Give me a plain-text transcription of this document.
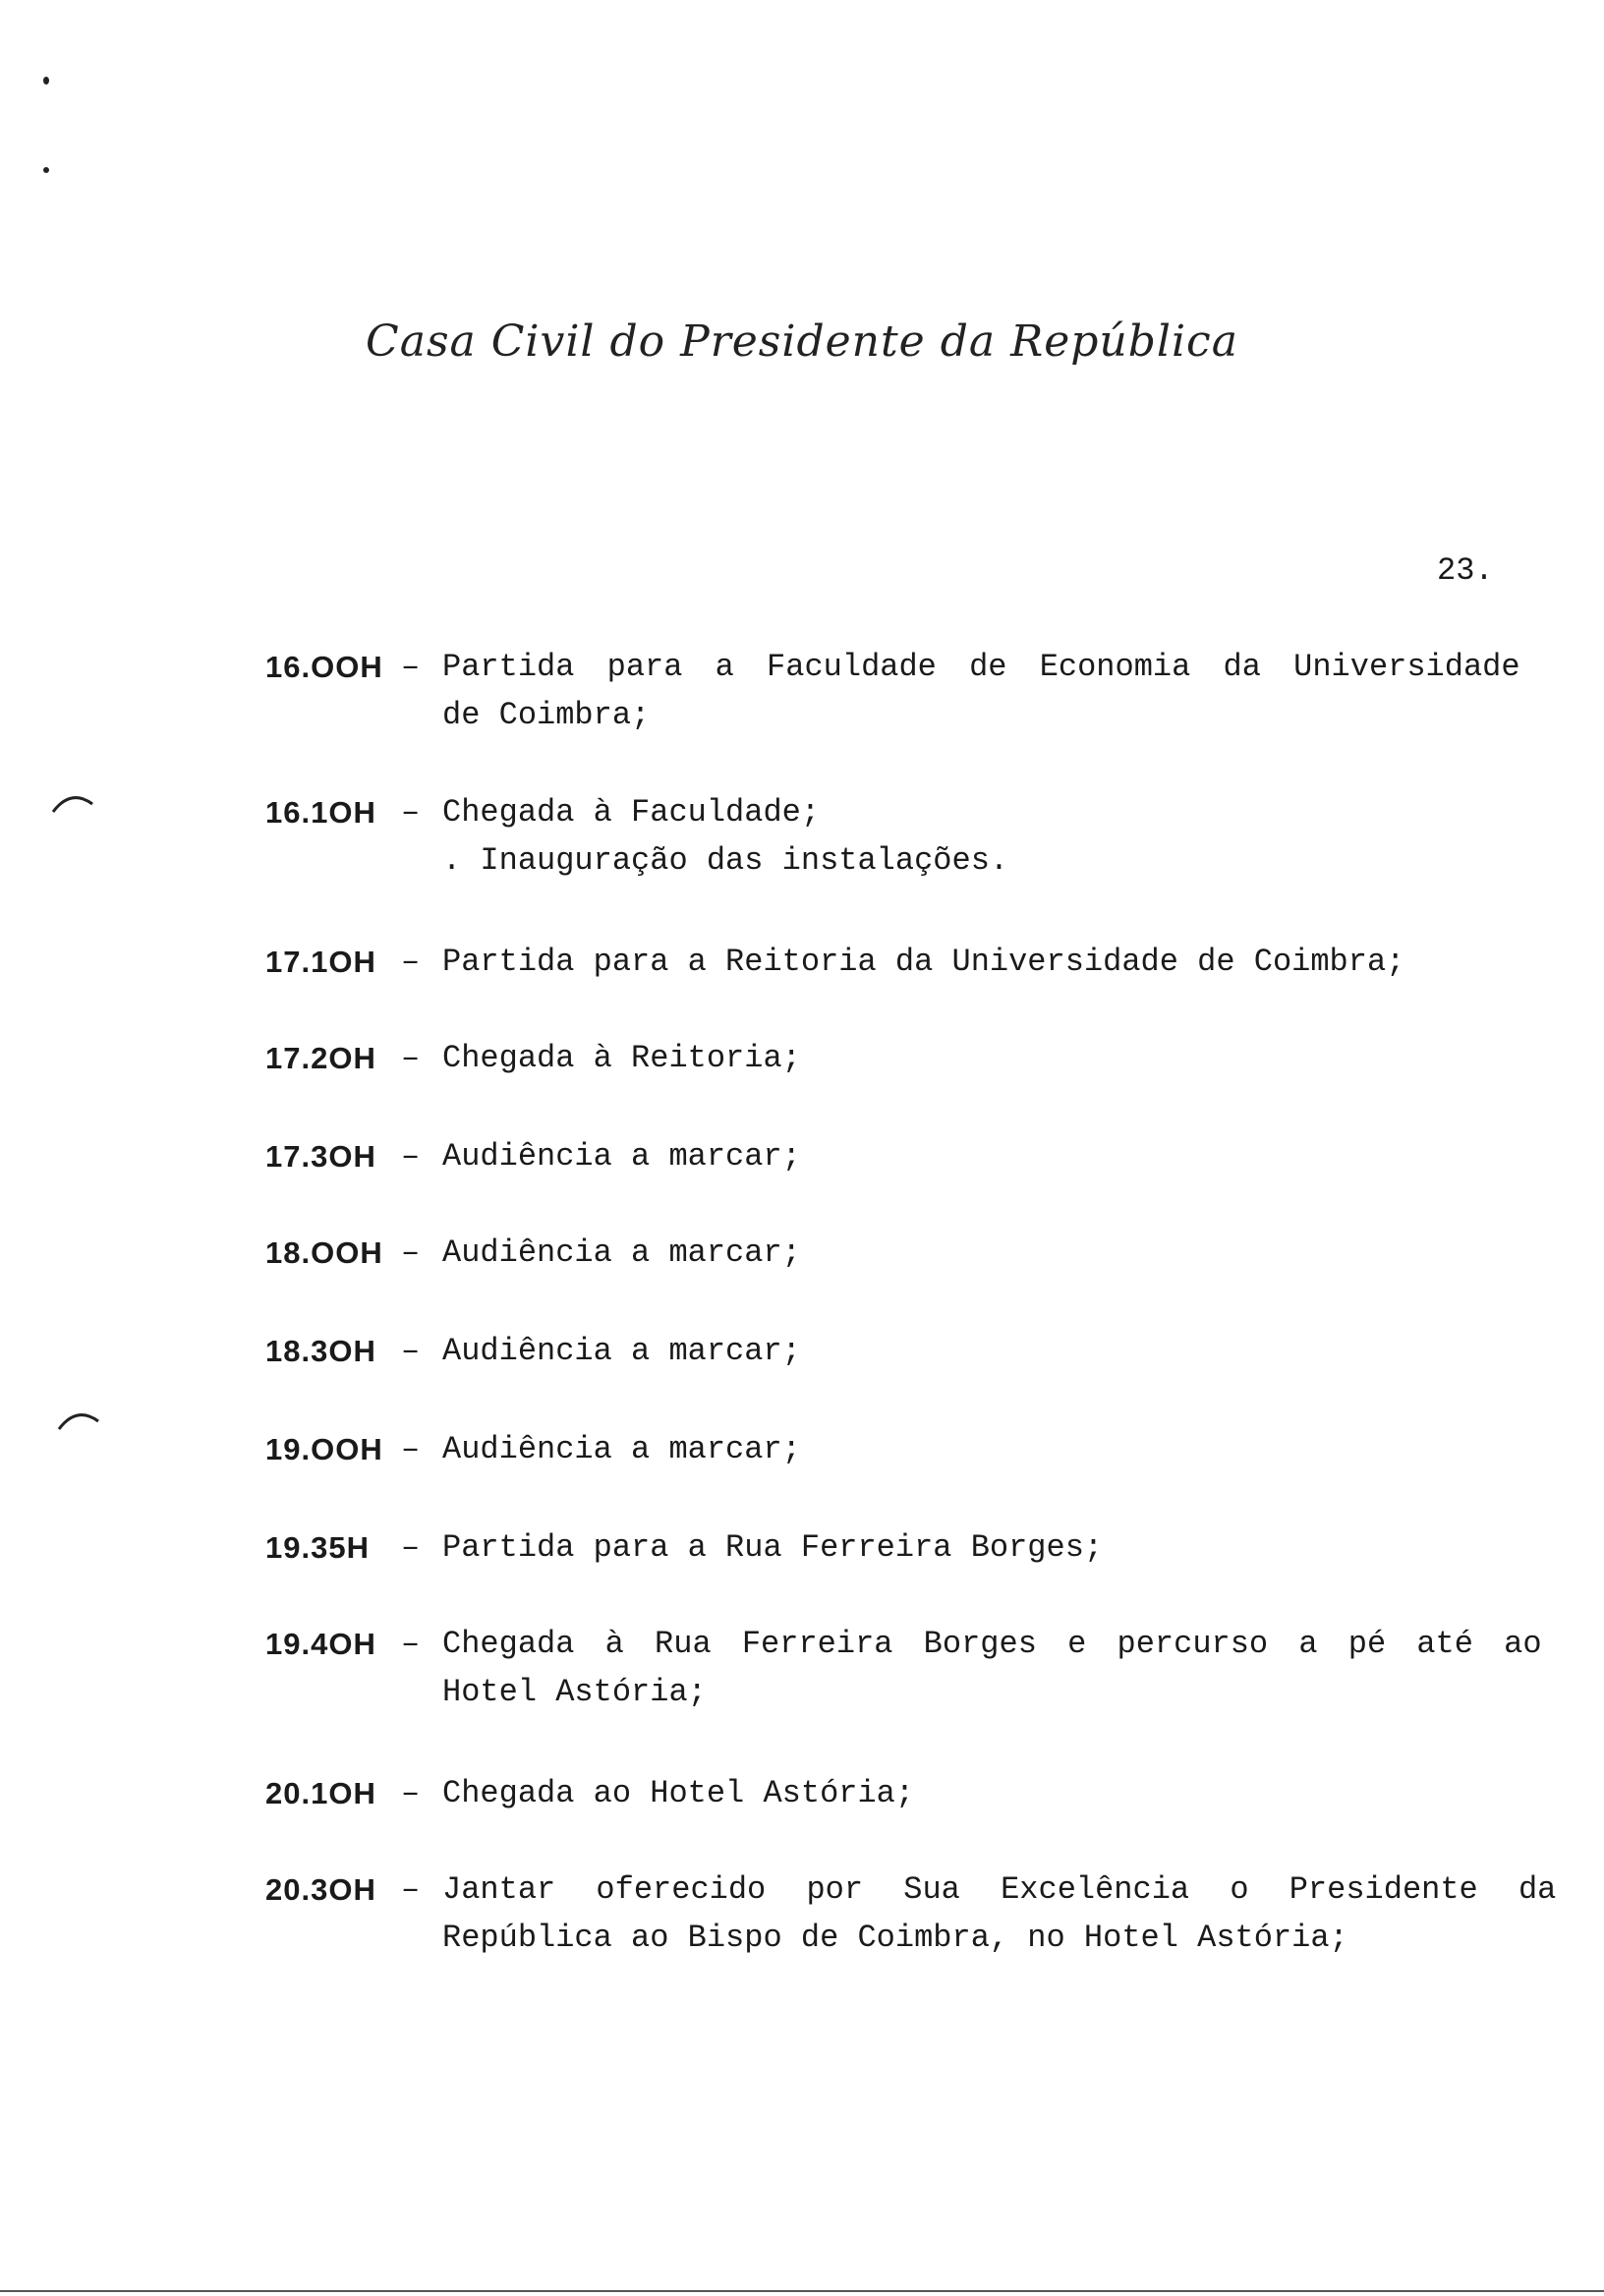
Casa Civil do Presidente da República
23.
16.OOH – Partida para a Faculdade de Economia da Universidade
de Coimbra;
16.1OH – Chegada à Faculdade;
. Inauguração das instalações.
17.1OH – Partida para a Reitoria da Universidade de Coimbra;
17.2OH – Chegada à Reitoria;
17.3OH – Audiência a marcar;
18.OOH – Audiência a marcar;
18.3OH – Audiência a marcar;
19.OOH – Audiência a marcar;
19.35H – Partida para a Rua Ferreira Borges;
19.4OH – Chegada à Rua Ferreira Borges e percurso a pé até ao
Hotel Astória;
20.1OH – Chegada ao Hotel Astória;
20.3OH – Jantar oferecido por Sua Excelência o Presidente da
República ao Bispo de Coimbra, no Hotel Astória;
